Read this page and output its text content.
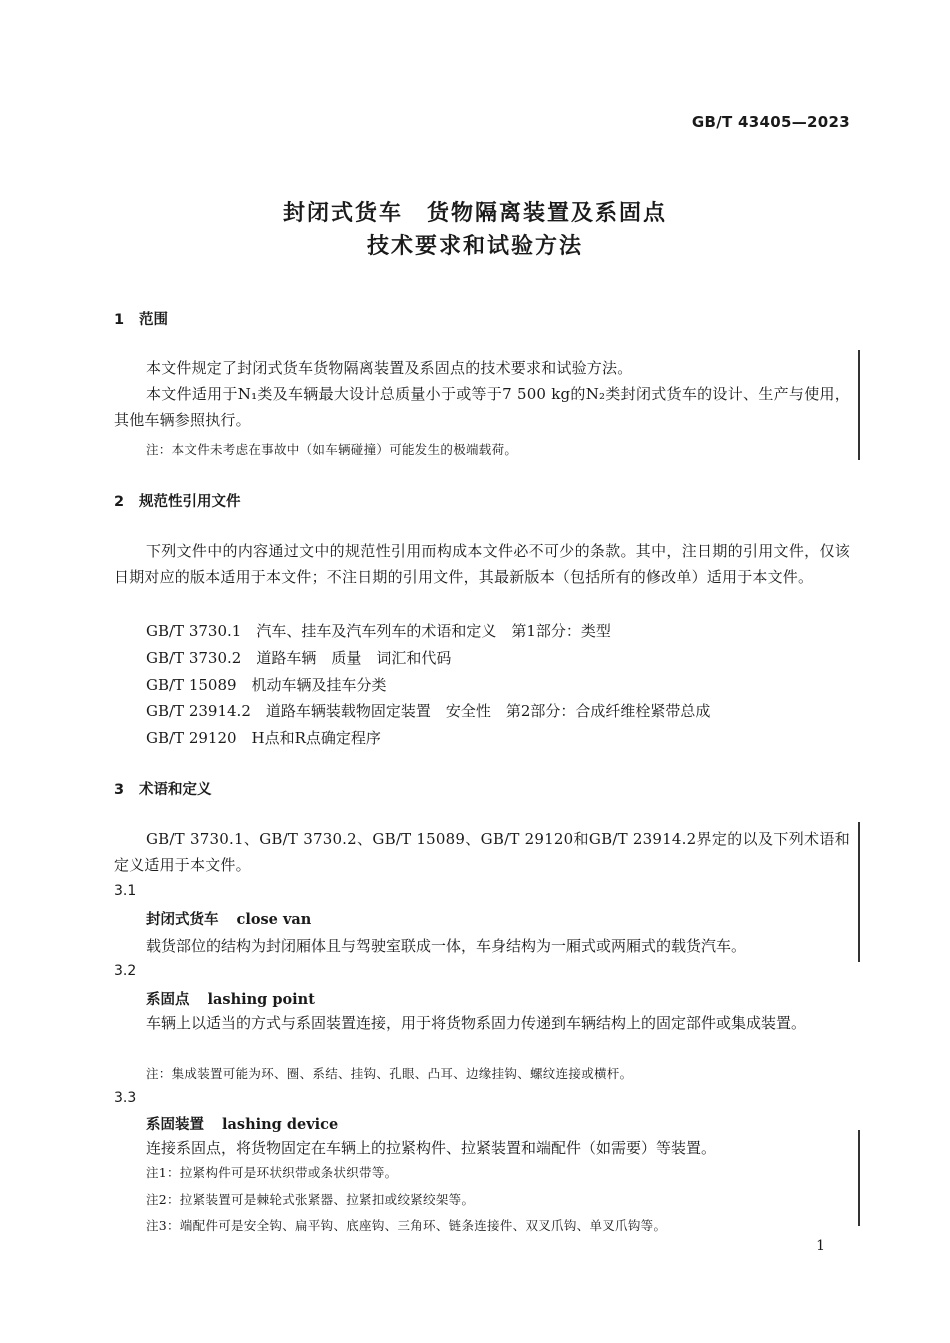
GB/T 43405—2023
封闭式货车　货物隔离装置及系固点
技术要求和试验方法
1 范围
本文件规定了封闭式货车货物隔离装置及系固点的技术要求和试验方法。
本文件适用于N₁类及车辆最大设计总质量小于或等于7 500 kg的N₂类封闭式货车的设计、生产与使用，其他车辆参照执行。
注：本文件未考虑在事故中（如车辆碰撞）可能发生的极端载荷。
2 规范性引用文件
下列文件中的内容通过文中的规范性引用而构成本文件必不可少的条款。其中，注日期的引用文件，仅该日期对应的版本适用于本文件；不注日期的引用文件，其最新版本（包括所有的修改单）适用于本文件。
GB/T 3730.1　汽车、挂车及汽车列车的术语和定义　第1部分：类型
GB/T 3730.2　道路车辆　质量　词汇和代码
GB/T 15089　机动车辆及挂车分类
GB/T 23914.2　道路车辆装载物固定装置　安全性　第2部分：合成纤维栓紧带总成
GB/T 29120　H点和R点确定程序
3 术语和定义
GB/T 3730.1、GB/T 3730.2、GB/T 15089、GB/T 29120和GB/T 23914.2界定的以及下列术语和定义适用于本文件。
3.1
封闭式货车 close van
载货部位的结构为封闭厢体且与驾驶室联成一体，车身结构为一厢式或两厢式的载货汽车。
3.2
系固点 lashing point
车辆上以适当的方式与系固装置连接，用于将货物系固力传递到车辆结构上的固定部件或集成装置。
注：集成装置可能为环、圈、系结、挂钩、孔眼、凸耳、边缘挂钩、螺纹连接或横杆。
3.3
系固装置 lashing device
连接系固点，将货物固定在车辆上的拉紧构件、拉紧装置和端配件（如需要）等装置。
注1：拉紧构件可是环状织带或条状织带等。
注2：拉紧装置可是棘轮式张紧器、拉紧扣或绞紧绞架等。
注3：端配件可是安全钩、扁平钩、底座钩、三角环、链条连接件、双叉爪钩、单叉爪钩等。
1
